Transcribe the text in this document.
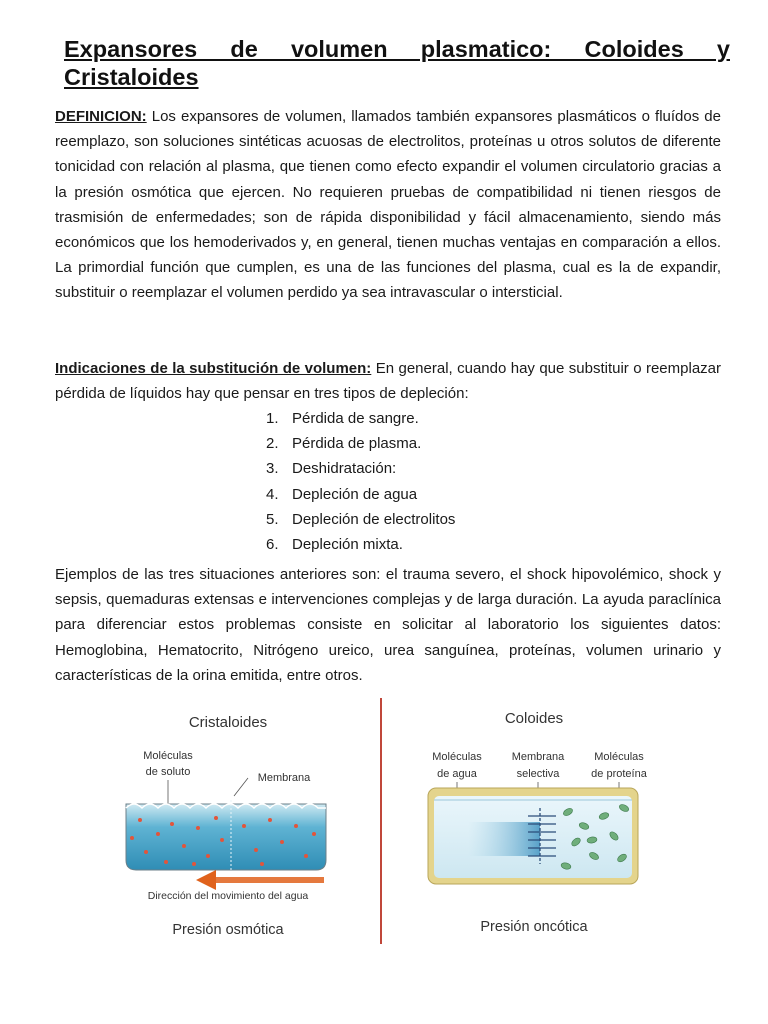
Expansores de volumen plasmatico: Coloides y Cristaloides

DEFINICION: Los expansores de volumen, llamados también expansores plasmáticos o fluídos de reemplazo, son soluciones sintéticas acuosas de electrolitos, proteínas u otros solutos de diferente tonicidad con relación al plasma, que tienen como efecto expandir el volumen circulatorio gracias a la presión osmótica que ejercen. No requieren pruebas de compatibilidad ni tienen riesgos de trasmisión de enfermedades; son de rápida disponibilidad y fácil almacenamiento, siendo más económicos que los hemoderivados y, en general, tienen muchas ventajas en comparación a ellos. La primordial función que cumplen, es una de las funciones del plasma, cual es la de expandir, substituir o reemplazar el volumen perdido ya sea intravascular o intersticial.

Indicaciones de la substitución de volumen: En general, cuando hay que substituir o reemplazar pérdida de líquidos hay que pensar en tres tipos de depleción:

1. Pérdida de sangre.
2. Pérdida de plasma.
3. Deshidratación:
4. Depleción de agua
5. Depleción de electrolitos
6. Depleción mixta.

Ejemplos de las tres situaciones anteriores son: el trauma severo, el shock hipovolémico, shock y sepsis, quemaduras extensas e intervenciones complejas y de larga duración. La ayuda paraclínica para diferenciar estos problemas consiste en solicitar al laboratorio los siguientes datos: Hemoglobina, Hematocrito, Nitrógeno ureico, urea sanguínea, proteínas, volumen urinario y características de la orina emitida, entre otros.

Cristaloides
Moléculas
de soluto	Membrana
Dirección del movimiento del agua
Presión osmótica
Coloides
Moléculas
de agua
Membrana
selectiva
Moléculas
de proteína
Presión oncótica
